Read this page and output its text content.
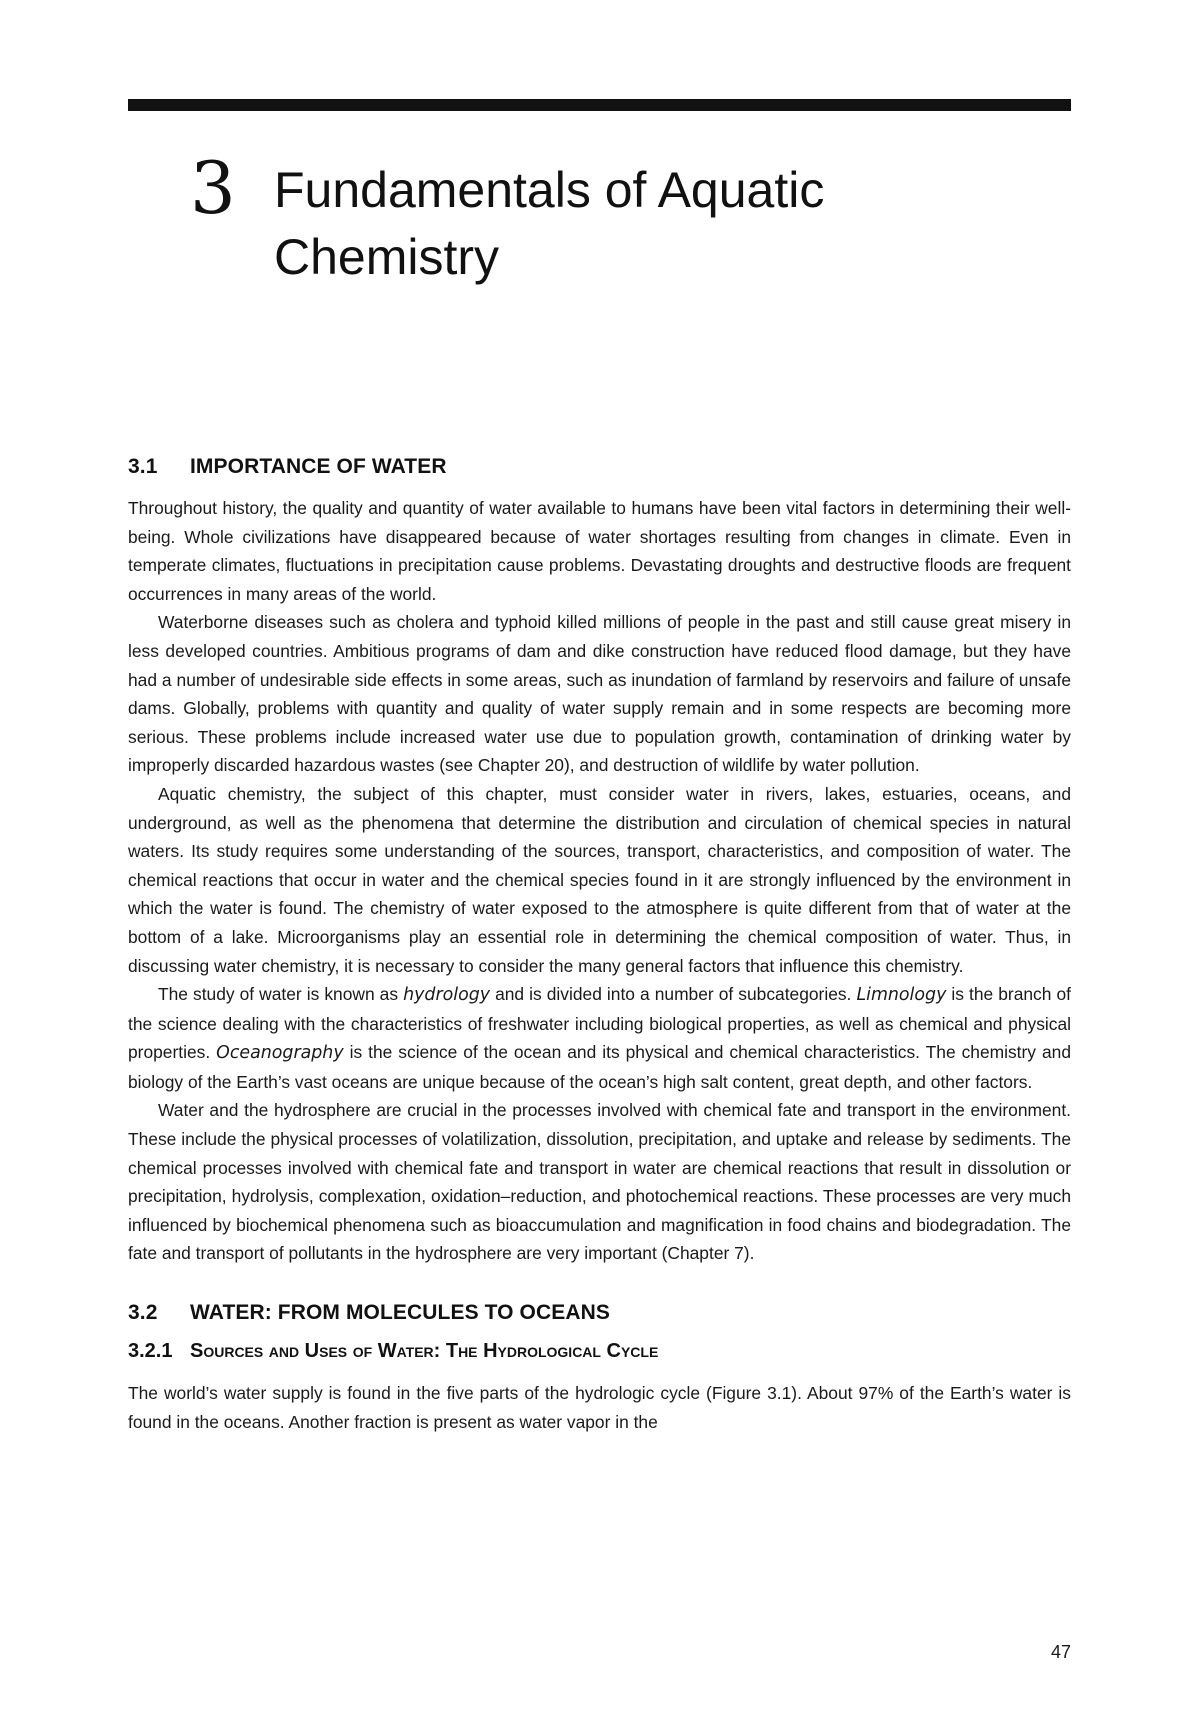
3 Fundamentals of Aquatic Chemistry
3.1 IMPORTANCE OF WATER

Throughout history, the quality and quantity of water available to humans have been vital factors in determining their well-being. Whole civilizations have disappeared because of water shortages resulting from changes in climate. Even in temperate climates, fluctuations in precipitation cause problems. Devastating droughts and destructive floods are frequent occurrences in many areas of the world.

Waterborne diseases such as cholera and typhoid killed millions of people in the past and still cause great misery in less developed countries. Ambitious programs of dam and dike construction have reduced flood damage, but they have had a number of undesirable side effects in some areas, such as inundation of farmland by reservoirs and failure of unsafe dams. Globally, problems with quantity and quality of water supply remain and in some respects are becoming more serious. These problems include increased water use due to population growth, contamination of drinking water by improperly discarded hazardous wastes (see Chapter 20), and destruction of wildlife by water pollution.

Aquatic chemistry, the subject of this chapter, must consider water in rivers, lakes, estuaries, oceans, and underground, as well as the phenomena that determine the distribution and circulation of chemical species in natural waters. Its study requires some understanding of the sources, transport, characteristics, and composition of water. The chemical reactions that occur in water and the chemical species found in it are strongly influenced by the environment in which the water is found. The chemistry of water exposed to the atmosphere is quite different from that of water at the bottom of a lake. Microorganisms play an essential role in determining the chemical composition of water. Thus, in discussing water chemistry, it is necessary to consider the many general factors that influence this chemistry.

The study of water is known as hydrology and is divided into a number of subcategories. Limnology is the branch of the science dealing with the characteristics of freshwater including biological properties, as well as chemical and physical properties. Oceanography is the science of the ocean and its physical and chemical characteristics. The chemistry and biology of the Earth’s vast oceans are unique because of the ocean’s high salt content, great depth, and other factors.

Water and the hydrosphere are crucial in the processes involved with chemical fate and transport in the environment. These include the physical processes of volatilization, dissolution, precipitation, and uptake and release by sediments. The chemical processes involved with chemical fate and transport in water are chemical reactions that result in dissolution or precipitation, hydrolysis, complexation, oxidation–reduction, and photochemical reactions. These processes are very much influenced by biochemical phenomena such as bioaccumulation and magnification in food chains and biodegradation. The fate and transport of pollutants in the hydrosphere are very important (Chapter 7).

3.2 WATER: FROM MOLECULES TO OCEANS
3.2.1 Sources and Uses of Water: The Hydrological Cycle

The world’s water supply is found in the five parts of the hydrologic cycle (Figure 3.1). About 97% of the Earth’s water is found in the oceans. Another fraction is present as water vapor in the

47
